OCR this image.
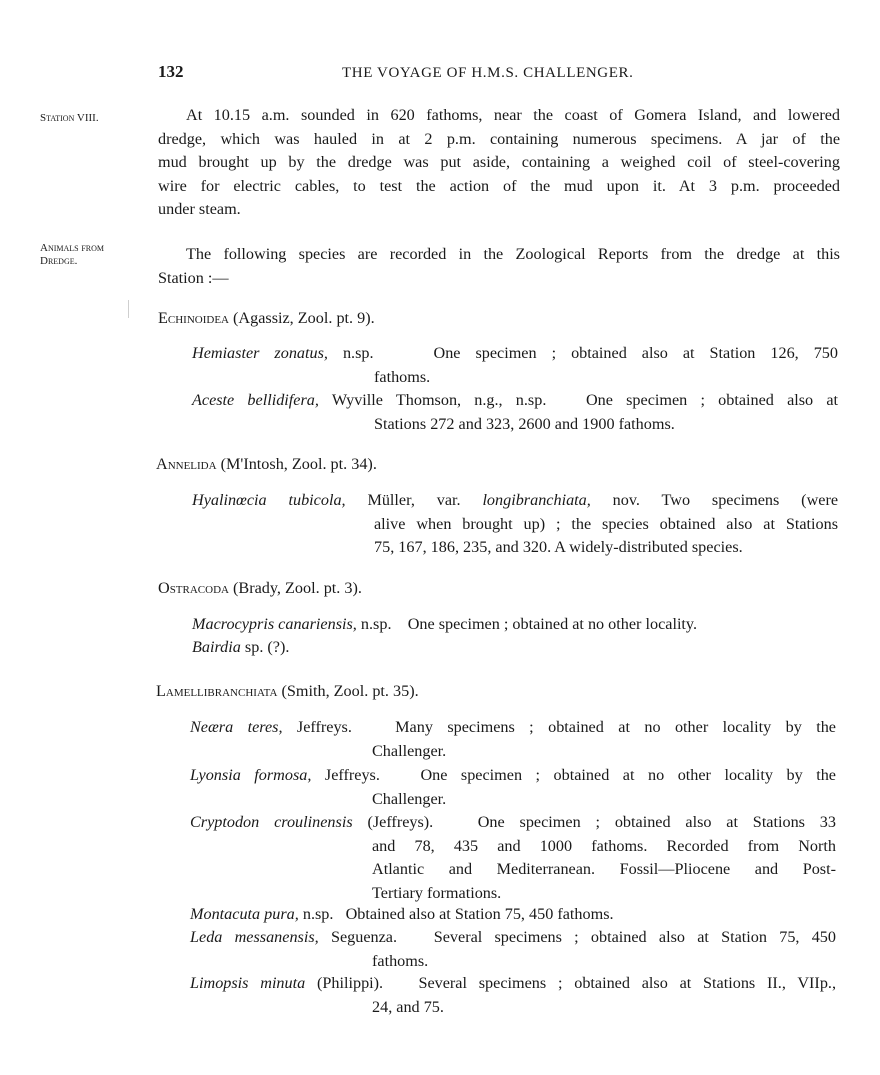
132	THE VOYAGE OF H.M.S. CHALLENGER.
Station VIII.
Animals from
Dredge.
At 10.15 a.m. sounded in 620 fathoms, near the coast of Gomera Island, and lowered
dredge, which was hauled in at 2 p.m. containing numerous specimens. A jar of the
mud brought up by the dredge was put aside, containing a weighed coil of steel-covering
wire for electric cables, to test the action of the mud upon it. At 3 p.m. proceeded
under steam.
The following species are recorded in the Zoological Reports from the dredge at this
Station :—
Echinoidea (Agassiz, Zool. pt. 9).
Hemiaster zonatus, n.sp.	One specimen ; obtained also at Station 126, 750
fathoms.
Aceste bellidifera, Wyville Thomson, n.g., n.sp. One specimen ; obtained also at
Stations 272 and 323, 2600 and 1900 fathoms.
Annelida (M'Intosh, Zool. pt. 34).
Hyalinœcia tubicola, Müller, var. longibranchiata, nov. Two specimens (were
alive when brought up) ; the species obtained also at Stations
75, 167, 186, 235, and 320. A widely-distributed species.
Ostracoda (Brady, Zool. pt. 3).
Macrocypris canariensis, n.sp. One specimen ; obtained at no other locality.
Bairdia sp. (?).
Lamellibranchiata (Smith, Zool. pt. 35).
Neæra teres, Jeffreys.	Many specimens ; obtained at no other locality by the
Challenger.
Lyonsia formosa, Jeffreys.	One specimen ; obtained at no other locality by the
Challenger.
Cryptodon croulinensis (Jeffreys).	One specimen ; obtained also at Stations 33
and 78, 435 and 1000 fathoms. Recorded from North
Atlantic and Mediterranean. Fossil—Pliocene and Post-
Tertiary formations.
Montacuta pura, n.sp. Obtained also at Station 75, 450 fathoms.
Leda messanensis, Seguenza. Several specimens ; obtained also at Station 75, 450
fathoms.
Limopsis minuta (Philippi). Several specimens ; obtained also at Stations II., VIIp.,
24, and 75.
